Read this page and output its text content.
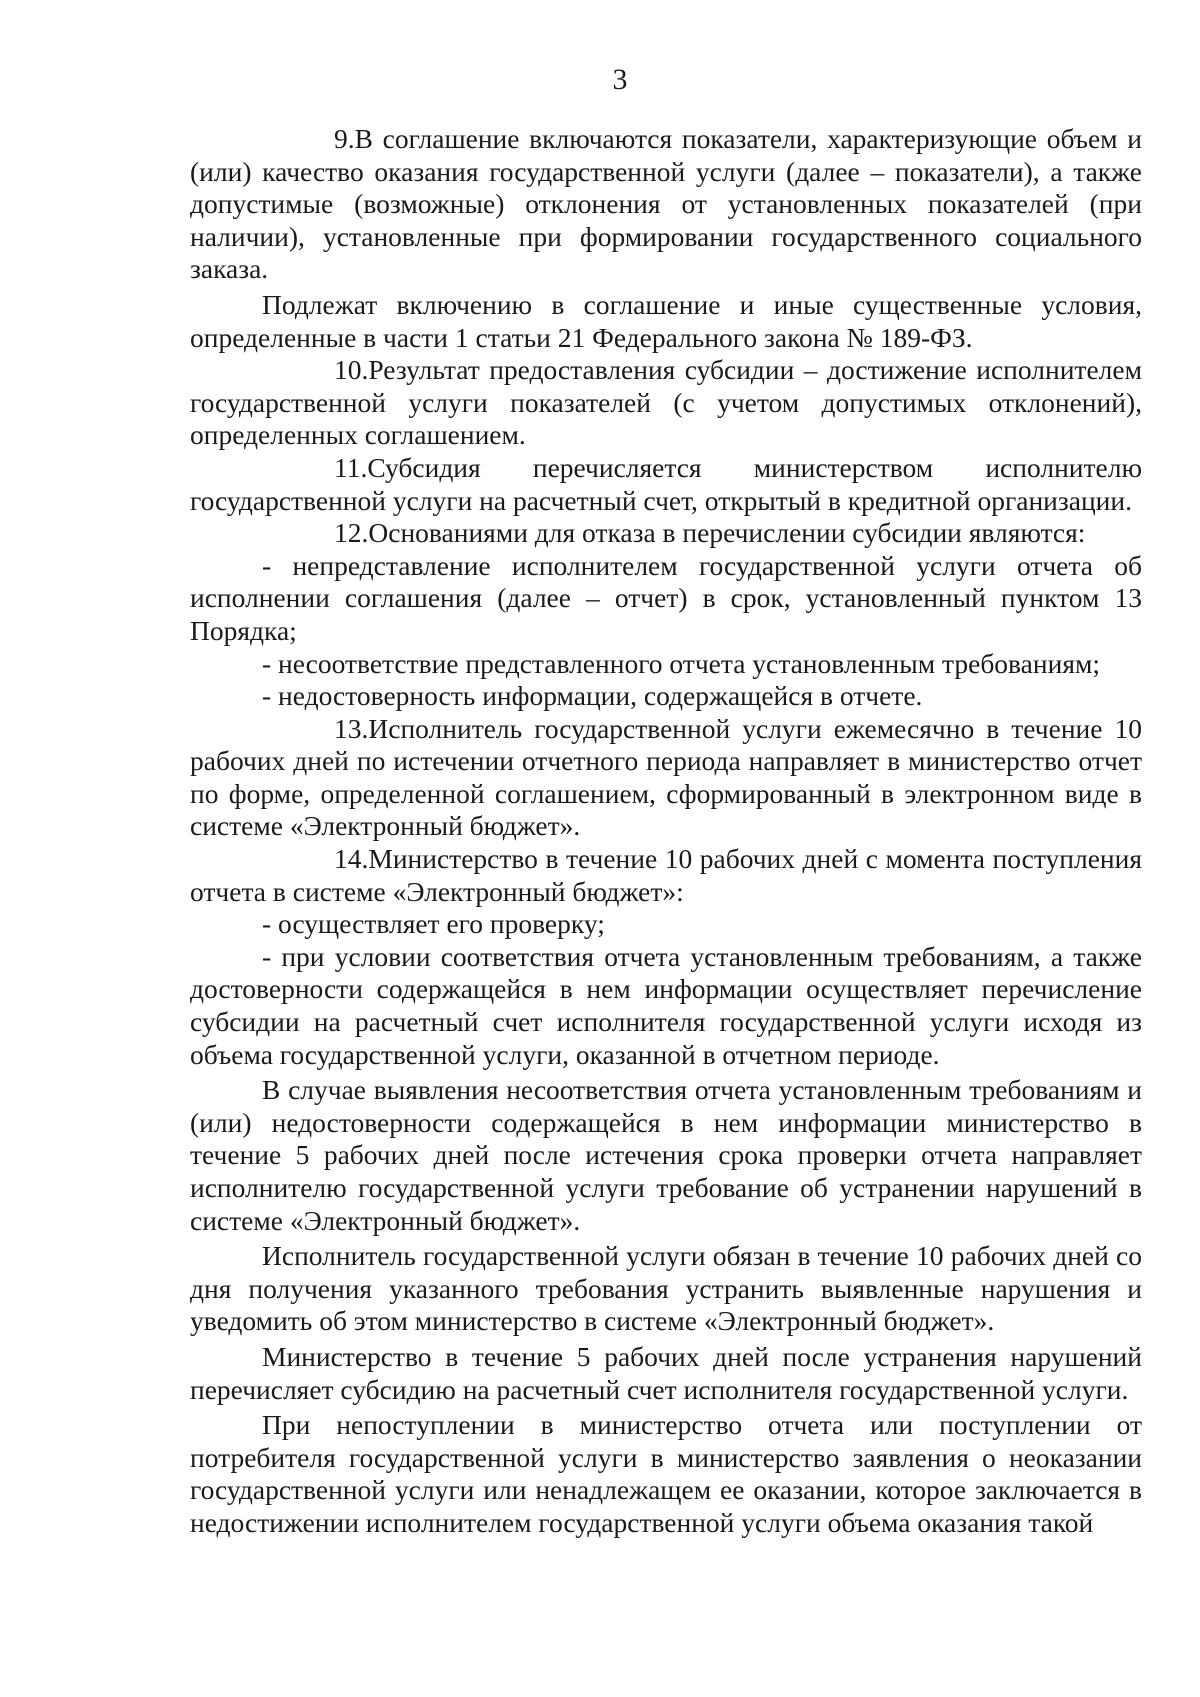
3

9.В соглашение включаются показатели, характеризующие объем и (или) качество оказания государственной услуги (далее – показатели), а также допустимые (возможные) отклонения от установленных показателей (при наличии), установленные при формировании государственного социального заказа.

Подлежат включению в соглашение и иные существенные условия, определенные в части 1 статьи 21 Федерального закона № 189-ФЗ.

10.Результат предоставления субсидии – достижение исполнителем государственной услуги показателей (с учетом допустимых отклонений), определенных соглашением.

11.Субсидия перечисляется министерством исполнителю государственной услуги на расчетный счет, открытый в кредитной организации.

12.Основаниями для отказа в перечислении субсидии являются:

- непредставление исполнителем государственной услуги отчета об исполнении соглашения (далее – отчет) в срок, установленный пунктом 13 Порядка;

- несоответствие представленного отчета установленным требованиям;

- недостоверность информации, содержащейся в отчете.

13.Исполнитель государственной услуги ежемесячно в течение 10 рабочих дней по истечении отчетного периода направляет в министерство отчет по форме, определенной соглашением, сформированный в электронном виде в системе «Электронный бюджет».

14.Министерство в течение 10 рабочих дней с момента поступления отчета в системе «Электронный бюджет»:

- осуществляет его проверку;

- при условии соответствия отчета установленным требованиям, а также достоверности содержащейся в нем информации осуществляет перечисление субсидии на расчетный счет исполнителя государственной услуги исходя из объема государственной услуги, оказанной в отчетном периоде.

В случае выявления несоответствия отчета установленным требованиям и (или) недостоверности содержащейся в нем информации министерство в течение 5 рабочих дней после истечения срока проверки отчета направляет исполнителю государственной услуги требование об устранении нарушений в системе «Электронный бюджет».

Исполнитель государственной услуги обязан в течение 10 рабочих дней со дня получения указанного требования устранить выявленные нарушения и уведомить об этом министерство в системе «Электронный бюджет».

Министерство в течение 5 рабочих дней после устранения нарушений перечисляет субсидию на расчетный счет исполнителя государственной услуги.

При непоступлении в министерство отчета или поступлении от потребителя государственной услуги в министерство заявления о неоказании государственной услуги или ненадлежащем ее оказании, которое заключается в недостижении исполнителем государственной услуги объема оказания такой
